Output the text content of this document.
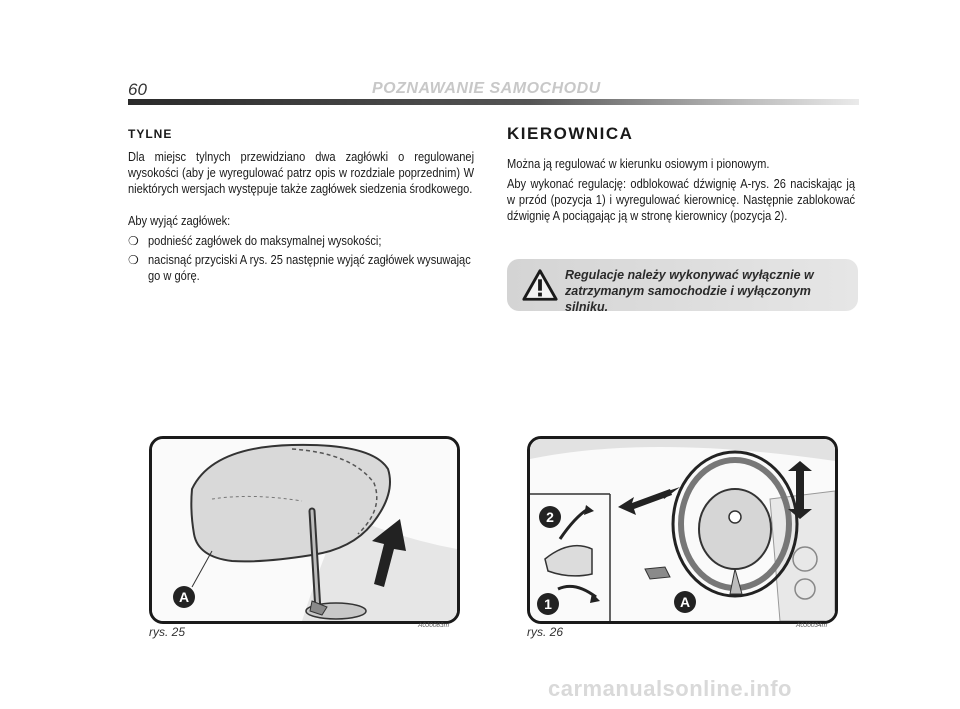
60	POZNAWANIE SAMOCHODU
TYLNE

Dla miejsc tylnych przewidziano dwa zagłówki o regulowanej wysokości (aby je wyregulować patrz opis w rozdziale poprzednim) W niektórych wersjach występuje także zagłówek siedzenia środkowego.

Aby wyjąć zagłówek:

❍ podnieść zagłówek do maksymalnej wysokości;
❍ nacisnąć przyciski A rys. 25 następnie wyjąć zagłówek wysuwając go w górę.
KIEROWNICA

Można ją regulować w kierunku osiowym i pionowym.

Aby wykonać regulację: odblokować dźwignię A-rys. 26 naciskając ją w przód (pozycja 1) i wyregulować kierownicę. Następnie zablokować dźwignię A pociągając ją w stronę kierownicy (pozycja 2).

Regulacje należy wykonywać wyłącznie w zatrzymanym samochodzie i wyłączonym silniku.
A
rys. 25	A0J0083m
2
1	A
rys. 26	A0J0034m
carmanualsonline.info
